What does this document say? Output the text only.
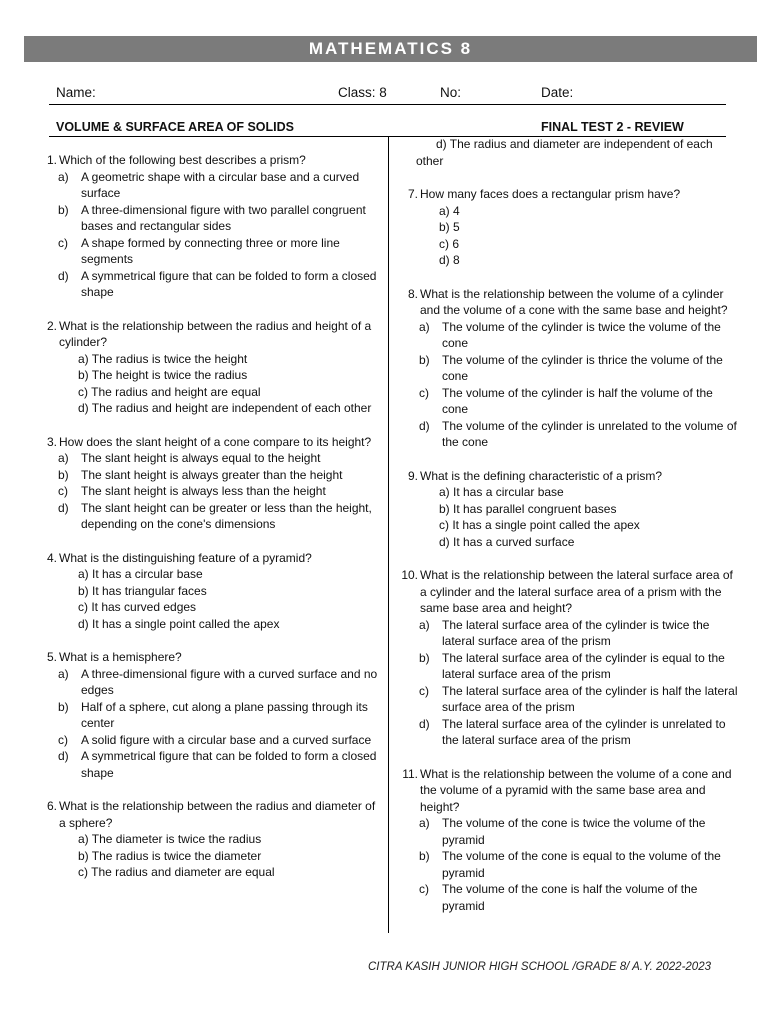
MATHEMATICS 8
Name:	Class: 8	No:	Date:
VOLUME & SURFACE AREA OF SOLIDS	FINAL TEST 2 - REVIEW
1. Which of the following best describes a prism?
a)	A geometric shape with a circular base and a curved surface
b)	A three-dimensional figure with two parallel congruent bases and rectangular sides
c)	A shape formed by connecting three or more line segments
d)	A symmetrical figure that can be folded to form a closed shape
2. What is the relationship between the radius and height of a cylinder?
a) The radius is twice the height
b) The height is twice the radius
c) The radius and height are equal
d) The radius and height are independent of each other
3. How does the slant height of a cone compare to its height?
a)	The slant height is always equal to the height
b)	The slant height is always greater than the height
c)	The slant height is always less than the height
d)	The slant height can be greater or less than the height, depending on the cone's dimensions
4. What is the distinguishing feature of a pyramid?
a) It has a circular base
b) It has triangular faces
c) It has curved edges
d) It has a single point called the apex
5. What is a hemisphere?
a)	A three-dimensional figure with a curved surface and no edges
b)	Half of a sphere, cut along a plane passing through its center
c)	A solid figure with a circular base and a curved surface
d)	A symmetrical figure that can be folded to form a closed shape
6. What is the relationship between the radius and diameter of a sphere?
a) The diameter is twice the radius
b) The radius is twice the diameter
c) The radius and diameter are equal
d) The radius and diameter are independent of each other
7. How many faces does a rectangular prism have?
a) 4
b) 5
c) 6
d) 8
8. What is the relationship between the volume of a cylinder and the volume of a cone with the same base and height?
a)	The volume of the cylinder is twice the volume of the cone
b)	The volume of the cylinder is thrice the volume of the cone
c)	The volume of the cylinder is half the volume of the cone
d)	The volume of the cylinder is unrelated to the volume of the cone
9. What is the defining characteristic of a prism?
a) It has a circular base
b) It has parallel congruent bases
c) It has a single point called the apex
d) It has a curved surface
10. What is the relationship between the lateral surface area of a cylinder and the lateral surface area of a prism with the same base area and height?
a)	The lateral surface area of the cylinder is twice the lateral surface area of the prism
b)	The lateral surface area of the cylinder is equal to the lateral surface area of the prism
c)	The lateral surface area of the cylinder is half the lateral surface area of the prism
d)	The lateral surface area of the cylinder is unrelated to the lateral surface area of the prism
11. What is the relationship between the volume of a cone and the volume of a pyramid with the same base area and height?
a)	The volume of the cone is twice the volume of the pyramid
b)	The volume of the cone is equal to the volume of the pyramid
c)	The volume of the cone is half the volume of the pyramid
CITRA KASIH JUNIOR HIGH SCHOOL /GRADE 8/ A.Y. 2022-2023
